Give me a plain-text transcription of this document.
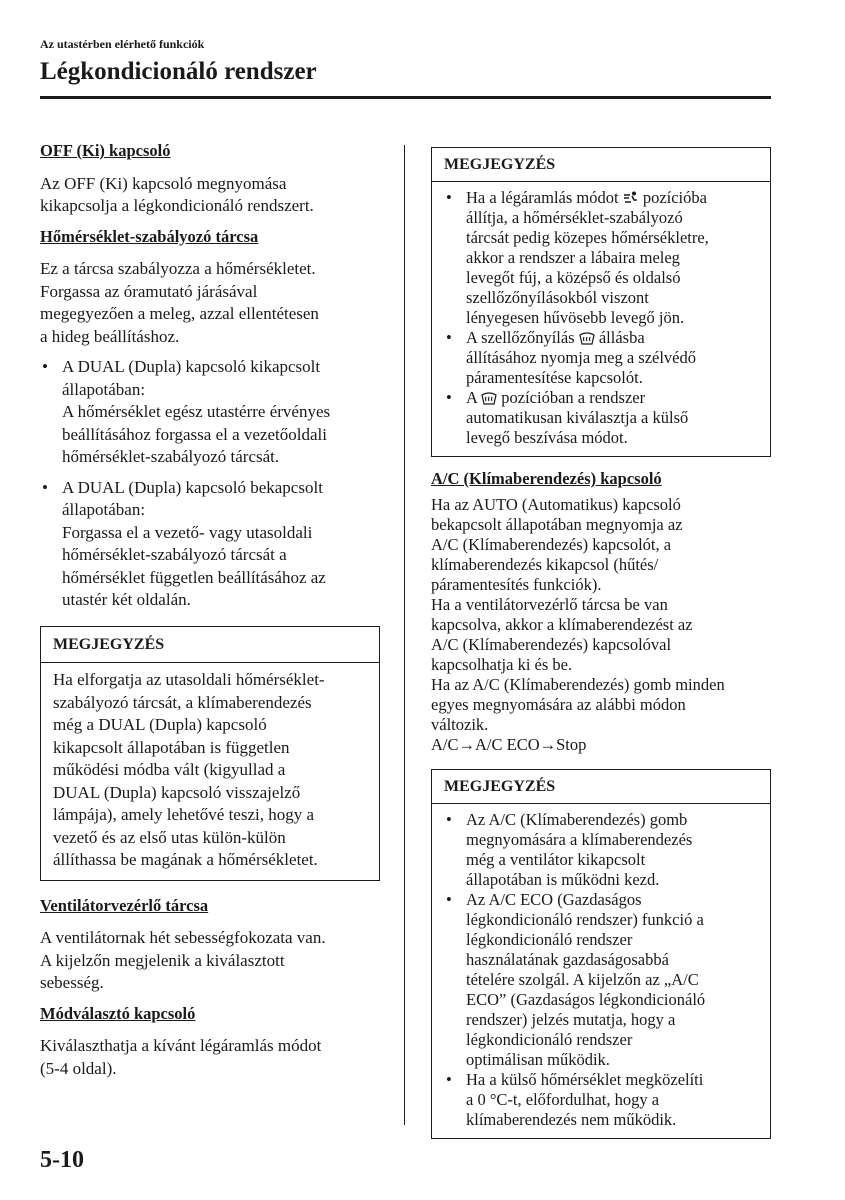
Az utastérben elérhető funkciók
Légkondicionáló rendszer
OFF (Ki) kapcsoló
Az OFF (Ki) kapcsoló megnyomása
kikapcsolja a légkondicionáló rendszert.
Hőmérséklet-szabályozó tárcsa
Ez a tárcsa szabályozza a hőmérsékletet.
Forgassa az óramutató járásával
megegyezően a meleg, azzal ellentétesen
a hideg beállításhoz.
• A DUAL (Dupla) kapcsoló kikapcsolt
állapotában:
A hőmérséklet egész utastérre érvényes
beállításához forgassa el a vezetőoldali
hőmérséklet-szabályozó tárcsát.
• A DUAL (Dupla) kapcsoló bekapcsolt
állapotában:
Forgassa el a vezető- vagy utasoldali
hőmérséklet-szabályozó tárcsát a
hőmérséklet független beállításához az
utastér két oldalán.
MEGJEGYZÉS
Ha elforgatja az utasoldali hőmérséklet-
szabályozó tárcsát, a klímaberendezés
még a DUAL (Dupla) kapcsoló
kikapcsolt állapotában is független
működési módba vált (kigyullad a
DUAL (Dupla) kapcsoló visszajelző
lámpája), amely lehetővé teszi, hogy a
vezető és az első utas külön-külön
állíthassa be magának a hőmérsékletet.
Ventilátorvezérlő tárcsa
A ventilátornak hét sebességfokozata van.
A kijelzőn megjelenik a kiválasztott
sebesség.
Módválasztó kapcsoló
Kiválaszthatja a kívánt légáramlás módot
(5-4 oldal).
MEGJEGYZÉS
• Ha a légáramlás módot  pozícióba
állítja, a hőmérséklet-szabályozó
tárcsát pedig közepes hőmérsékletre,
akkor a rendszer a lábaira meleg
levegőt fúj, a középső és oldalsó
szellőzőnyílásokból viszont
lényegesen hűvösebb levegő jön.
• A szellőzőnyílás  állásba
állításához nyomja meg a szélvédő
páramentesítése kapcsolót.
• A  pozícióban a rendszer
automatikusan kiválasztja a külső
levegő beszívása módot.
A/C (Klímaberendezés) kapcsoló
Ha az AUTO (Automatikus) kapcsoló
bekapcsolt állapotában megnyomja az
A/C (Klímaberendezés) kapcsolót, a
klímaberendezés kikapcsol (hűtés/
páramentesítés funkciók).
Ha a ventilátorvezérlő tárcsa be van
kapcsolva, akkor a klímaberendezést az
A/C (Klímaberendezés) kapcsolóval
kapcsolhatja ki és be.
Ha az A/C (Klímaberendezés) gomb minden
egyes megnyomására az alábbi módon
változik.
A/C→A/C ECO→Stop
MEGJEGYZÉS
• Az A/C (Klímaberendezés) gomb
megnyomására a klímaberendezés
még a ventilátor kikapcsolt
állapotában is működni kezd.
• Az A/C ECO (Gazdaságos
légkondicionáló rendszer) funkció a
légkondicionáló rendszer
használatának gazdaságosabbá
tételére szolgál. A kijelzőn az „A/C
ECO” (Gazdaságos légkondicionáló
rendszer) jelzés mutatja, hogy a
légkondicionáló rendszer
optimálisan működik.
• Ha a külső hőmérséklet megközelíti
a 0 °C-t, előfordulhat, hogy a
klímaberendezés nem működik.
5-10
